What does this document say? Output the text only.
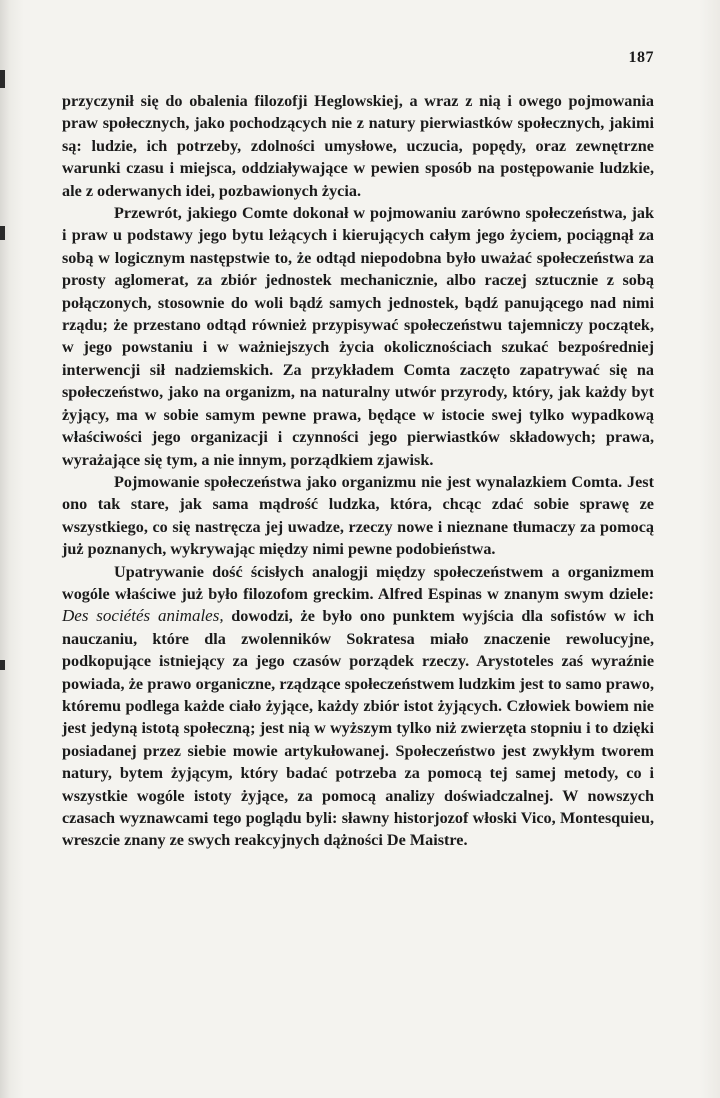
187

przyczynił się do obalenia filozofji Heglowskiej, a wraz z nią i owego pojmowania praw społecznych, jako pochodzących nie z natury pierwiastków społecznych, jakimi są: ludzie, ich potrzeby, zdolności umysłowe, uczucia, popędy, oraz zewnętrzne warunki czasu i miejsca, oddziaływające w pewien sposób na postępowanie ludzkie, ale z oderwanych idei, pozbawionych życia.

Przewrót, jakiego Comte dokonał w pojmowaniu zarówno społeczeństwa, jak i praw u podstawy jego bytu leżących i kierujących całym jego życiem, pociągnął za sobą w logicznym następstwie to, że odtąd niepodobna było uważać społeczeństwa za prosty aglomerat, za zbiór jednostek mechanicznie, albo raczej sztucznie z sobą połączonych, stosownie do woli bądź samych jednostek, bądź panującego nad nimi rządu; że przestano odtąd również przypisywać społeczeństwu tajemniczy początek, w jego powstaniu i w ważniejszych życia okolicznościach szukać bezpośredniej interwencji sił nadziemskich. Za przykładem Comta zaczęto zapatrywać się na społeczeństwo, jako na organizm, na naturalny utwór przyrody, który, jak każdy byt żyjący, ma w sobie samym pewne prawa, będące w istocie swej tylko wypadkową właściwości jego organizacji i czynności jego pierwiastków składowych; prawa, wyrażające się tym, a nie innym, porządkiem zjawisk.

Pojmowanie społeczeństwa jako organizmu nie jest wynalazkiem Comta. Jest ono tak stare, jak sama mądrość ludzka, która, chcąc zdać sobie sprawę ze wszystkiego, co się nastręcza jej uwadze, rzeczy nowe i nieznane tłumaczy za pomocą już poznanych, wykrywając między nimi pewne podobieństwa.

Upatrywanie dość ścisłych analogji między społeczeństwem a organizmem wogóle właściwe już było filozofom greckim. Alfred Espinas w znanym swym dziele: Des sociétés animales, dowodzi, że było ono punktem wyjścia dla sofistów w ich nauczaniu, które dla zwolenników Sokratesa miało znaczenie rewolucyjne, podkopujące istniejący za jego czasów porządek rzeczy. Arystoteles zaś wyraźnie powiada, że prawo organiczne, rządzące społeczeństwem ludzkim jest to samo prawo, któremu podlega każde ciało żyjące, każdy zbiór istot żyjących. Człowiek bowiem nie jest jedyną istotą społeczną; jest nią w wyższym tylko niż zwierzęta stopniu i to dzięki posiadanej przez siebie mowie artykułowanej. Społeczeństwo jest zwykłym tworem natury, bytem żyjącym, który badać potrzeba za pomocą tej samej metody, co i wszystkie wogóle istoty żyjące, za pomocą analizy doświadczalnej. W nowszych czasach wyznawcami tego poglądu byli: sławny historjozof włoski Vico, Montesquieu, wreszcie znany ze swych reakcyjnych dążności De Maistre.
